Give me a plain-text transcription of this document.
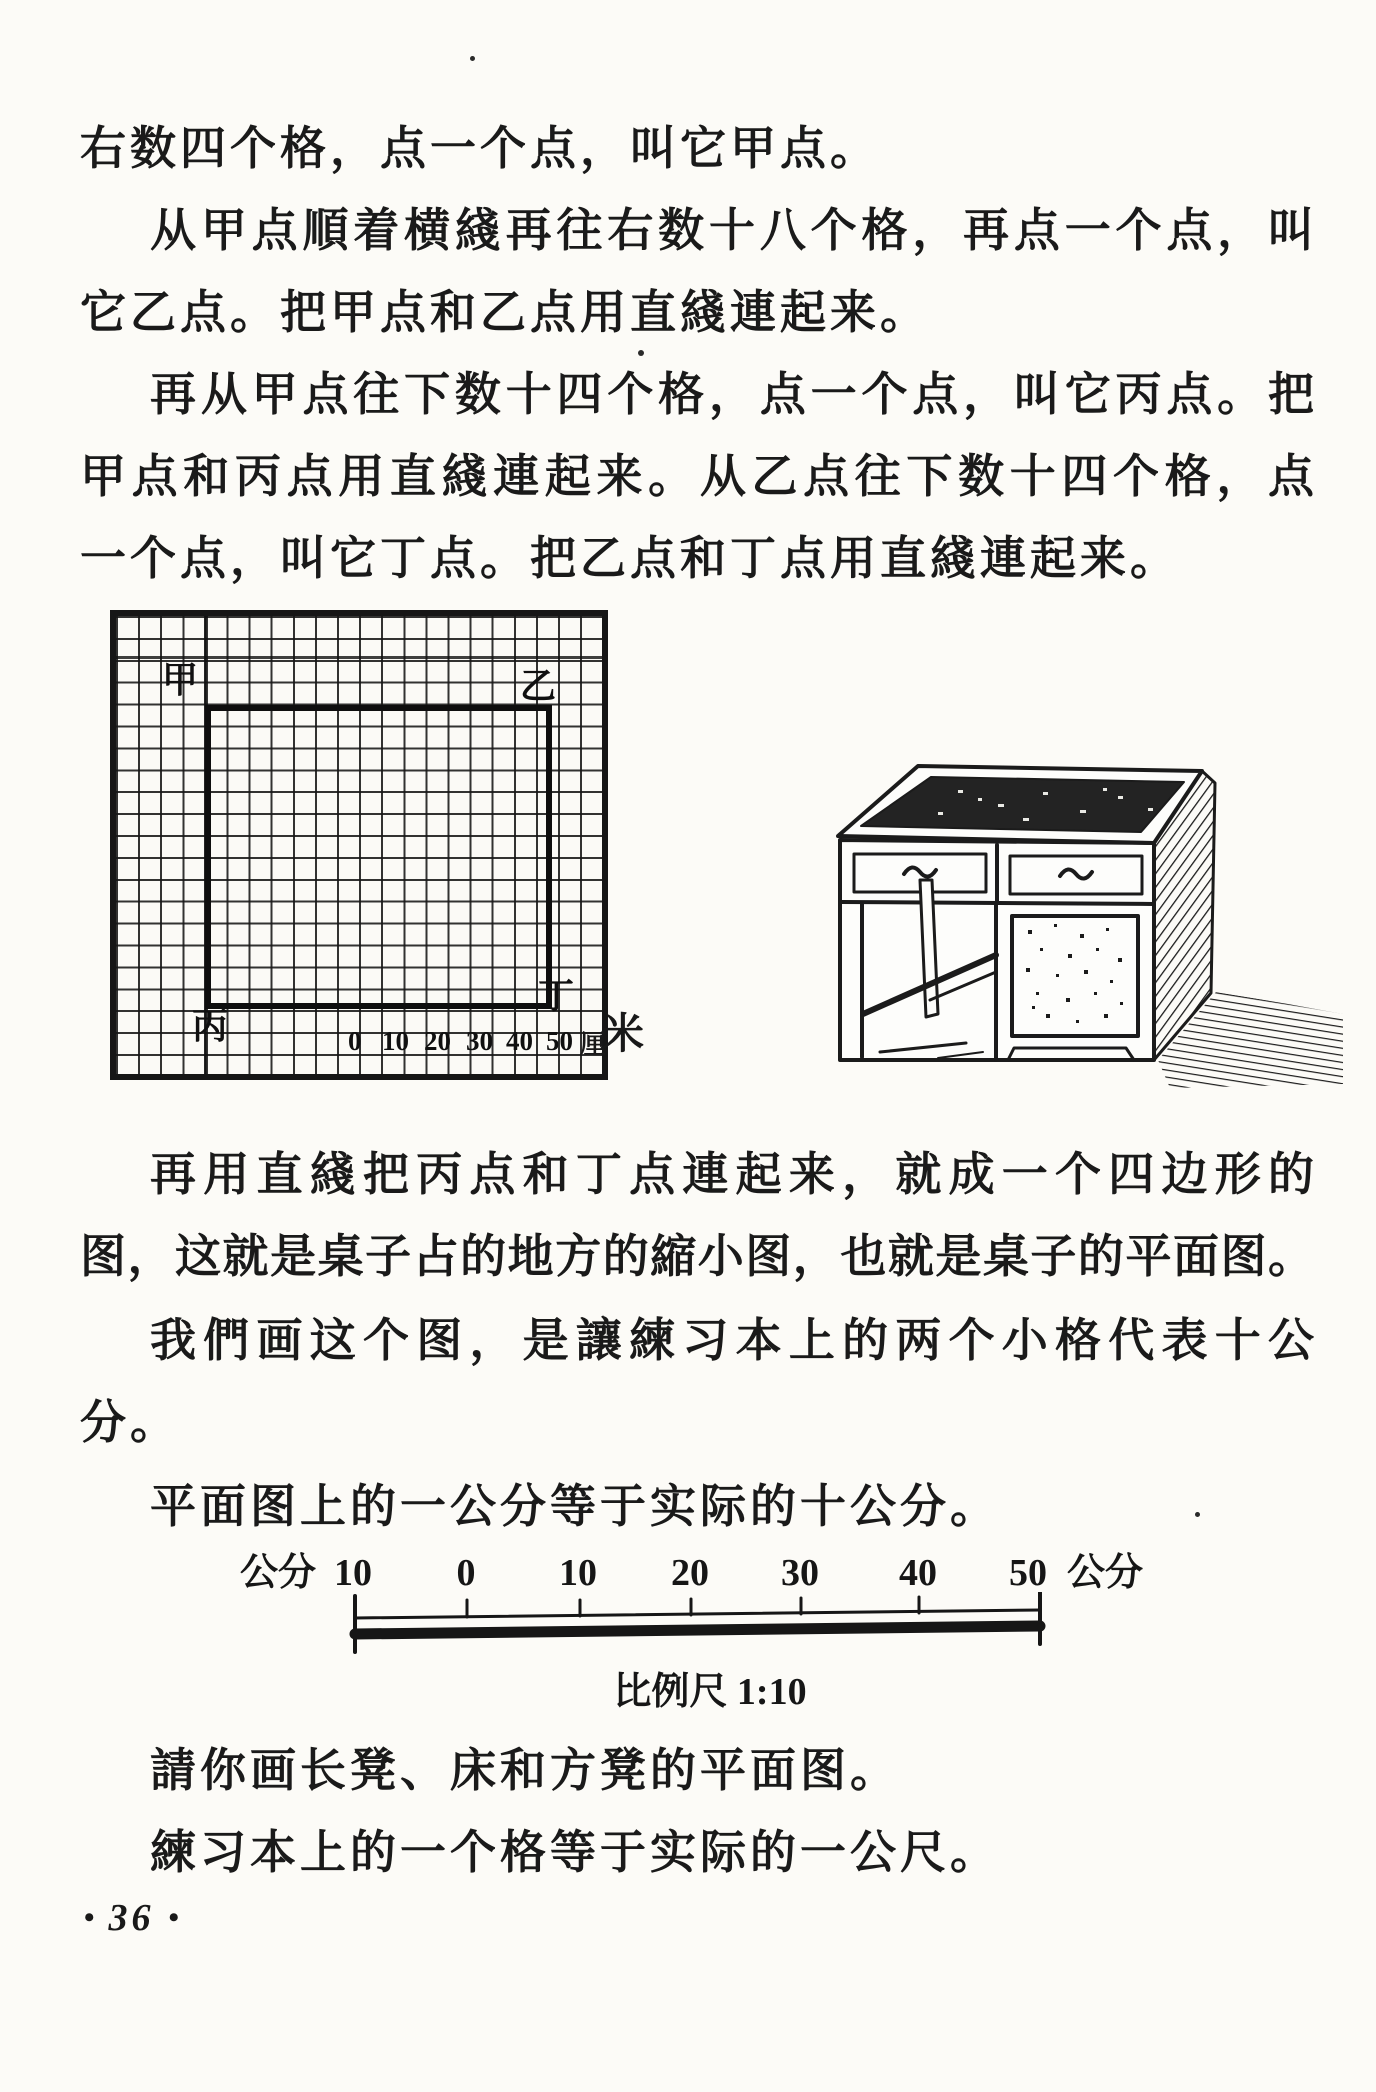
右数四个格，点一个点，叫它甲点。
从甲点順着横綫再往右数十八个格，再点一个点，叫
它乙点。把甲点和乙点用直綫連起来。
再从甲点往下数十四个格，点一个点，叫它丙点。把
甲点和丙点用直綫連起来。从乙点往下数十四个格，点
一个点，叫它丁点。把乙点和丁点用直綫連起来。
甲	乙
丙
丁
0 10 20 30 40 50 厘
米
再用直綫把丙点和丁点連起来，就成一个四边形的
图，这就是桌子占的地方的縮小图，也就是桌子的平面图。
我們画这个图，是讓練习本上的两个小格代表十公
分。
平面图上的一公分等于实际的十公分。
公分 10 0 10 20 30 40 50 公分
比例尺 1:10
請你画长凳、床和方凳的平面图。
練习本上的一个格等于实际的一公尺。
• 36 •
